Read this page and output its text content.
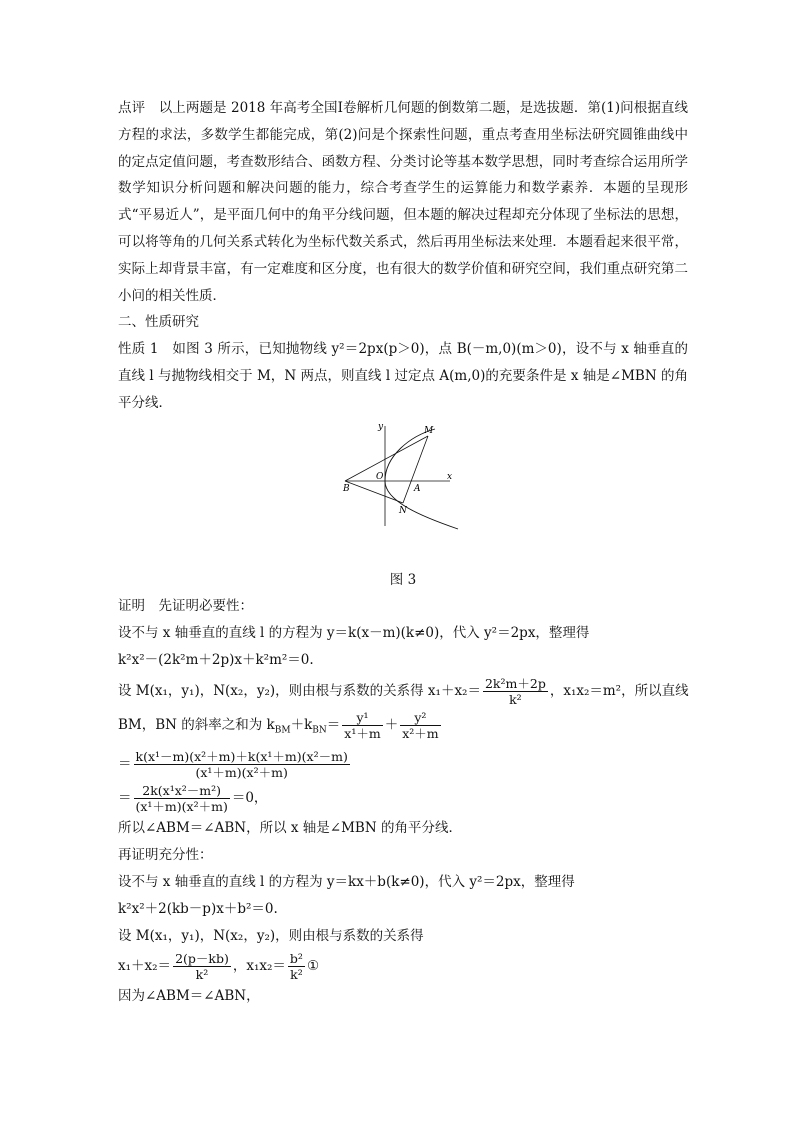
点评　以上两题是 2018 年高考全国Ⅰ卷解析几何题的倒数第二题，是选拔题．第(1)问根据直线方程的求法，多数学生都能完成，第(2)问是个探索性问题，重点考查用坐标法研究圆锥曲线中的定点定值问题，考查数形结合、函数方程、分类讨论等基本数学思想，同时考查综合运用所学数学知识分析问题和解决问题的能力，综合考查学生的运算能力和数学素养．本题的呈现形式“平易近人”，是平面几何中的角平分线问题，但本题的解决过程却充分体现了坐标法的思想，可以将等角的几何关系式转化为坐标代数关系式，然后再用坐标法来处理．本题看起来很平常，实际上却背景丰富，有一定难度和区分度，也有很大的数学价值和研究空间，我们重点研究第二小问的相关性质．

二、性质研究

性质 1　如图 3 所示，已知抛物线 y²＝2px(p＞0)，点 B(－m,0)(m＞0)，设不与 x 轴垂直的直线 l 与抛物线相交于 M，N 两点，则直线 l 过定点 A(m,0)的充要条件是 x 轴是∠MBN 的角平分线．

y
x
M
N
B
O
A

图 3

证明　先证明必要性：

设不与 x 轴垂直的直线 l 的方程为 y＝k(x－m)(k≠0)，代入 y²＝2px，整理得

k²x²－(2k²m＋2p)x＋k²m²＝0.

设 M(x₁，y₁)，N(x₂，y₂)，则由根与系数的关系得 $x_1+x_2= \frac{\text{2k²m＋2p}}{\text{k²}}$ ，x₁x₂＝m²，所以直线

BM，BN 的斜率之和为 $k_{BM}+k_{BN}= \frac{\text{y¹}}{\text{x¹＋m}} + \frac{\text{y²}}{\text{x²＋m}}$

＝ $\frac{\text{k(x¹－m)(x²＋m)＋k(x¹＋m)(x²－m)}}{\text{(x¹＋m)(x²＋m)}}$

＝ $\frac{\text{2k(x¹x²－m²)}}{\text{(x¹＋m)(x²＋m)}} =0$，

所以∠ABM＝∠ABN，所以 x 轴是∠MBN 的角平分线．

再证明充分性：

设不与 x 轴垂直的直线 l 的方程为 y＝kx＋b(k≠0)，代入 y²＝2px，整理得

k²x²＋2(kb－p)x＋b²＝0.

设 M(x₁，y₁)，N(x₂，y₂)，则由根与系数的关系得

$x_1+x_2= \frac{2(p-kb)}{\text{k²}}$ ，$x_1x_2= \frac{\text{b²}}{\text{k²}}$ ①

因为∠ABM＝∠ABN，
